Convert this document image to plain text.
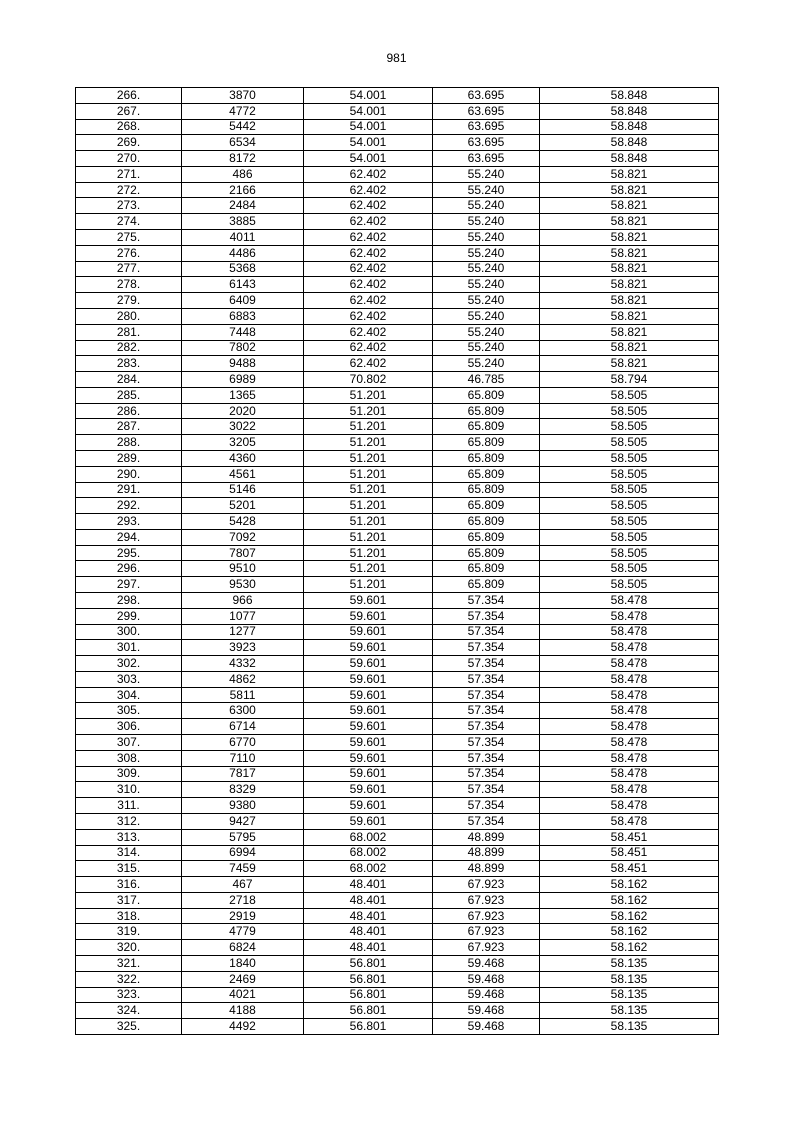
981
266.	3870	54.001	63.695	58.848
267.	4772	54.001	63.695	58.848
268.	5442	54.001	63.695	58.848
269.	6534	54.001	63.695	58.848
270.	8172	54.001	63.695	58.848
271.	486	62.402	55.240	58.821
272.	2166	62.402	55.240	58.821
273.	2484	62.402	55.240	58.821
274.	3885	62.402	55.240	58.821
275.	4011	62.402	55.240	58.821
276.	4486	62.402	55.240	58.821
277.	5368	62.402	55.240	58.821
278.	6143	62.402	55.240	58.821
279.	6409	62.402	55.240	58.821
280.	6883	62.402	55.240	58.821
281.	7448	62.402	55.240	58.821
282.	7802	62.402	55.240	58.821
283.	9488	62.402	55.240	58.821
284.	6989	70.802	46.785	58.794
285.	1365	51.201	65.809	58.505
286.	2020	51.201	65.809	58.505
287.	3022	51.201	65.809	58.505
288.	3205	51.201	65.809	58.505
289.	4360	51.201	65.809	58.505
290.	4561	51.201	65.809	58.505
291.	5146	51.201	65.809	58.505
292.	5201	51.201	65.809	58.505
293.	5428	51.201	65.809	58.505
294.	7092	51.201	65.809	58.505
295.	7807	51.201	65.809	58.505
296.	9510	51.201	65.809	58.505
297.	9530	51.201	65.809	58.505
298.	966	59.601	57.354	58.478
299.	1077	59.601	57.354	58.478
300.	1277	59.601	57.354	58.478
301.	3923	59.601	57.354	58.478
302.	4332	59.601	57.354	58.478
303.	4862	59.601	57.354	58.478
304.	5811	59.601	57.354	58.478
305.	6300	59.601	57.354	58.478
306.	6714	59.601	57.354	58.478
307.	6770	59.601	57.354	58.478
308.	7110	59.601	57.354	58.478
309.	7817	59.601	57.354	58.478
310.	8329	59.601	57.354	58.478
311.	9380	59.601	57.354	58.478
312.	9427	59.601	57.354	58.478
313.	5795	68.002	48.899	58.451
314.	6994	68.002	48.899	58.451
315.	7459	68.002	48.899	58.451
316.	467	48.401	67.923	58.162
317.	2718	48.401	67.923	58.162
318.	2919	48.401	67.923	58.162
319.	4779	48.401	67.923	58.162
320.	6824	48.401	67.923	58.162
321.	1840	56.801	59.468	58.135
322.	2469	56.801	59.468	58.135
323.	4021	56.801	59.468	58.135
324.	4188	56.801	59.468	58.135
325.	4492	56.801	59.468	58.135
